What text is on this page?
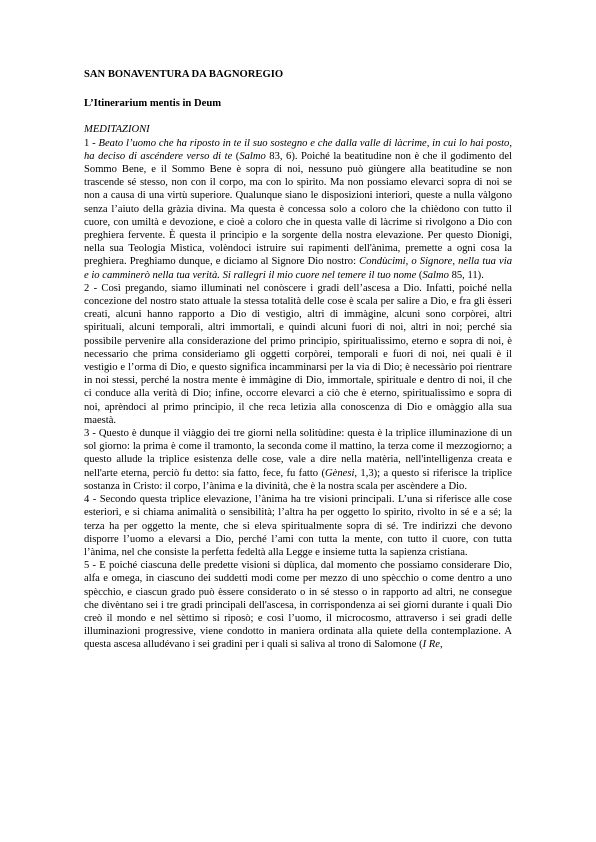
SAN BONAVENTURA DA BAGNOREGIO

L’Itinerarium mentis in Deum

MEDITAZIONI

1 - Beato l’uomo che ha riposto in te il suo sostegno e che dalla valle di làcrime, in cui lo hai posto, ha deciso di ascéndere verso di te (Salmo 83, 6). Poiché la beatitudine non è che il godimento del Sommo Bene, e il Sommo Bene è sopra di noi, nessuno può giùngere alla beatitudine se non trascende sé stesso, non con il corpo, ma con lo spìrito. Ma non possiamo elevarci sopra di noi se non a causa di una virtù superiore. Qualunque siano le disposizioni interiori, queste a nulla vàlgono senza l’aiuto della gràzia divina. Ma questa è concessa solo a coloro che la chièdono con tutto il cuore, con umiltà e devozione, e cioè a coloro che in questa valle di làcrime si rivolgono a Dio con preghiera fervente. È questa il princìpio e la sorgente della nostra elevazione. Per questo Dionigi, nella sua Teologia Mìstica, volèndoci istruire sui rapimenti dell'ànima, premette a ogni cosa la preghiera. Preghiamo dunque, e diciamo al Signore Dio nostro: Condùcimi, o Signore, nella tua via e io camminerò nella tua verità. Si rallegri il mio cuore nel temere il tuo nome (Salmo 85, 11).

2 - Così pregando, siamo illuminati nel conòscere i gradi dell’ascesa a Dio. Infatti, poiché nella concezione del nostro stato attuale la stessa totalità delle cose è scala per salire a Dio, e fra gli èsseri creati, alcuni hanno rapporto a Dio di vestìgio, altri di immàgine, alcuni sono corpòrei, altri spirituali, alcuni temporali, altri immortali, e quindi alcuni fuori di noi, altri in noi; perché sia possìbile pervenire alla considerazione del primo princìpio, spiritualìssimo, eterno e sopra di noi, è necessario che prima consideriamo gli oggetti corpòrei, temporali e fuori di noi, nei quali è il vestìgio e l’orma di Dio, e questo signìfica incamminarsi per la via di Dio; è necessàrio poi rientrare in noi stessi, perché la nostra mente è immàgine di Dio, immortale, spirituale e dentro di noi, il che ci conduce alla verità di Dio; infine, occorre elevarci a ciò che è eterno, spiritualìssimo e sopra di noi, aprèndoci al primo princìpio, il che reca letìzia alla conoscenza di Dio e omàggio alla sua maestà.

3 - Questo è dunque il viàggio dei tre giorni nella solitùdine: questa è la trìplice illuminazione di un sol giorno: la prima è come il tramonto, la seconda come il mattino, la terza come il mezzogiorno; a questo allude la trìplice esistenza delle cose, vale a dire nella matèria, nell'intelligenza creata e nell'arte eterna, perciò fu detto: sia fatto, fece, fu fatto (Gènesi, 1,3); a questo si riferisce la trìplice sostanza in Cristo: il corpo, l’ànima e la divinità, che è la nostra scala per ascèndere a Dio.

4 - Secondo questa trìplice elevazione, l’ànima ha tre visioni principali. L’una si riferisce alle cose esteriori, e si chiama animalità o sensibilità; l’altra ha per oggetto lo spìrito, rivolto in sé e a sé; la terza ha per oggetto la mente, che si eleva spiritualmente sopra di sé. Tre indirizzi che devono disporre l’uomo a elevarsi a Dio, perché l’ami con tutta la mente, con tutto il cuore, con tutta l’ànima, nel che consiste la perfetta fedeltà alla Legge e insieme tutta la sapienza cristiana.

5 - E poiché ciascuna delle predette visioni si dùplica, dal momento che possiamo considerare Dio, alfa e omega, in ciascuno dei suddetti modi come per mezzo di uno spècchio o come dentro a uno spècchio, e ciascun grado può èssere considerato o in sé stesso o in rapporto ad altri, ne consegue che divèntano sei i tre gradi principali dell'ascesa, in corrispondenza ai sei giorni durante i quali Dio creò il mondo e nel sèttimo si riposò; e così l’uomo, il microcosmo, attraverso i sei gradi delle illuminazioni progressive, viene condotto in maniera ordinata alla quiete della contemplazione. A questa ascesa alludévano i sei gradini per i quali si saliva al trono di Salomone (I Re,
